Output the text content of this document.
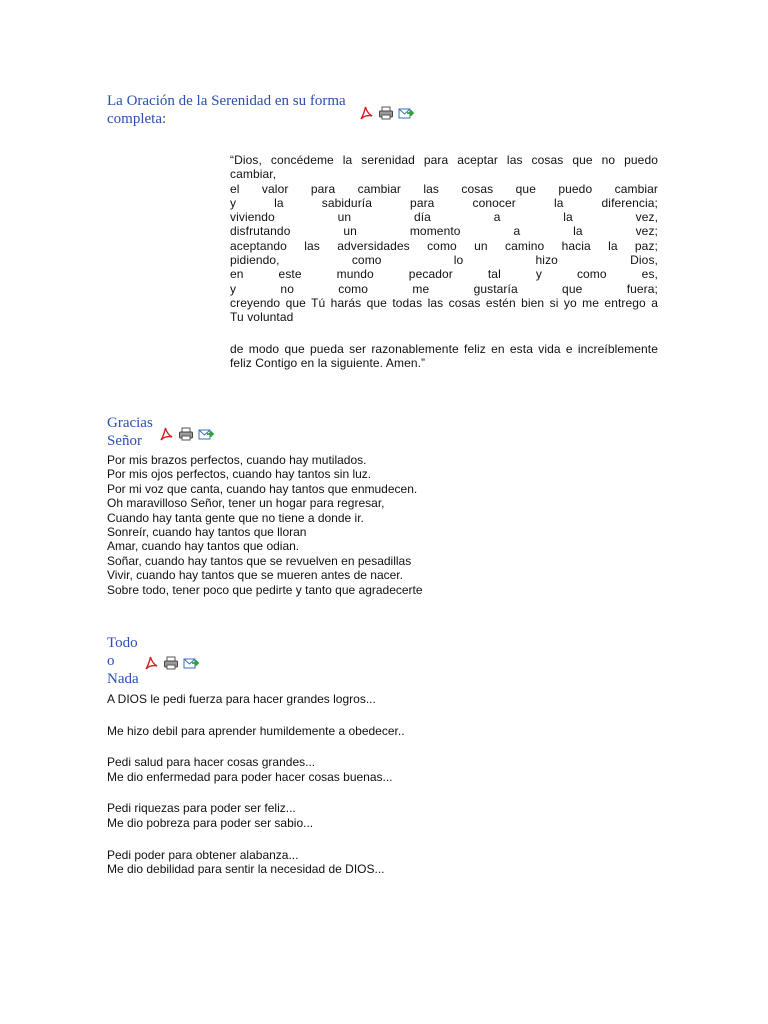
La Oración de la Serenidad en su forma
completa:
“Dios, concédeme la serenidad para aceptar las cosas que no puedo
cambiar,
el valor para cambiar las cosas que puedo cambiar
y la sabiduría para conocer la diferencia;
viviendo un día a la vez,
disfrutando un momento a la vez;
aceptando las adversidades como un camino hacia la paz;
pidiendo, como lo hizo Dios,
en este mundo pecador tal y como es,
y no como me gustaría que fuera;
creyendo que Tú harás que todas las cosas estén bien si yo me entrego a
Tu voluntad
de modo que pueda ser razonablemente feliz en esta vida e increíblemente
feliz Contigo en la siguiente. Amen.”
Gracias
Señor
Por mis brazos perfectos, cuando hay mutilados.
Por mis ojos perfectos, cuando hay tantos sin luz.
Por mi voz que canta, cuando hay tantos que enmudecen.
Oh maravilloso Señor, tener un hogar para regresar,
Cuando hay tanta gente que no tiene a donde ir.
Sonreír, cuando hay tantos que lloran
Amar, cuando hay tantos que odian.
Soñar, cuando hay tantos que se revuelven en pesadillas
Vivir, cuando hay tantos que se mueren antes de nacer.
Sobre todo, tener poco que pedirte y tanto que agradecerte
Todo
o
Nada
A DIOS le pedi fuerza para hacer grandes logros...
Me hizo debil para aprender humildemente a obedecer..
Pedi salud para hacer cosas grandes...
Me dio enfermedad para poder hacer cosas buenas...
Pedi riquezas para poder ser feliz...
Me dio pobreza para poder ser sabio...
Pedi poder para obtener alabanza...
Me dio debilidad para sentir la necesidad de DIOS...
